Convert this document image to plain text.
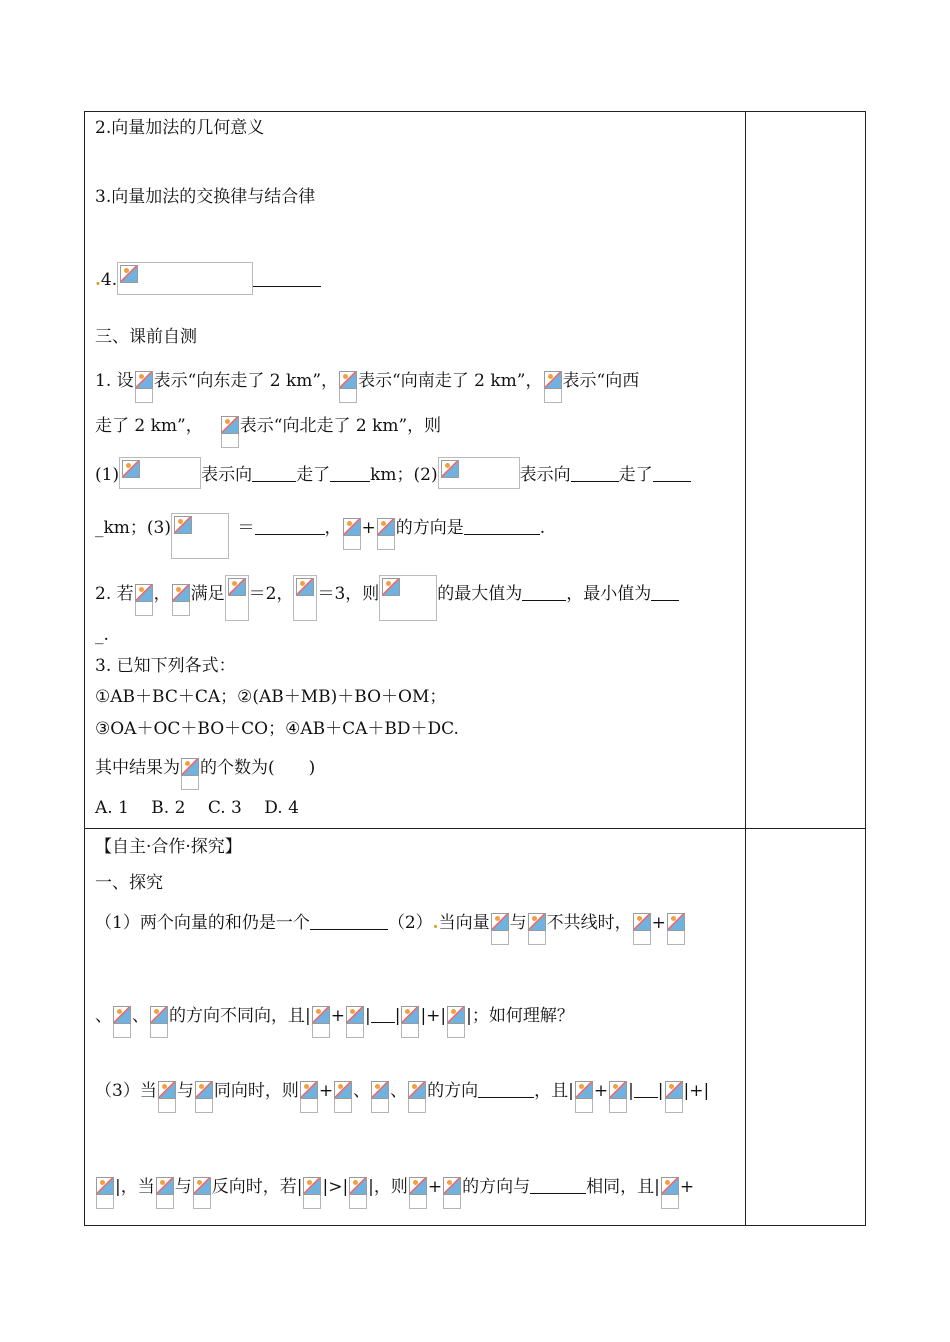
2.向量加法的几何意义
3.向量加法的交换律与结合律
.4.
三、课前自测
1. 设 表示“向东走了 2 km”， 表示“向南走了 2 km”， 表示“向西
走了 2 km”，  表示“向北走了 2 km”，则
(1)	表示向	走了 km；(2)	表示向	走了
_km；(3)
 	＝	， + 的方向是	.
2. 若 ， 满足 ＝2， ＝3，则	的最大值为	，最小值为
_.
3. 已知下列各式：
①AB＋BC＋CA；②(AB＋MB)＋BO＋OM；
③OA＋OC＋BO＋CO；④AB＋CA＋BD＋DC.
其中结果为 的个数为(　　)
A. 1　 B. 2　 C. 3　 D. 4
【自主·合作·探究】
一、探究
（1）两个向量的和仍是一个	（2）.当向量 与 不共线时， +
、 、 的方向不同向，且| + | | |+| |；如何理解？
（3）当 与 同向时，则 + 、 、 的方向	，且| + | | |+|
|，当 与 反向时，若| |>| |，则 + 的方向与	相同，且| +
